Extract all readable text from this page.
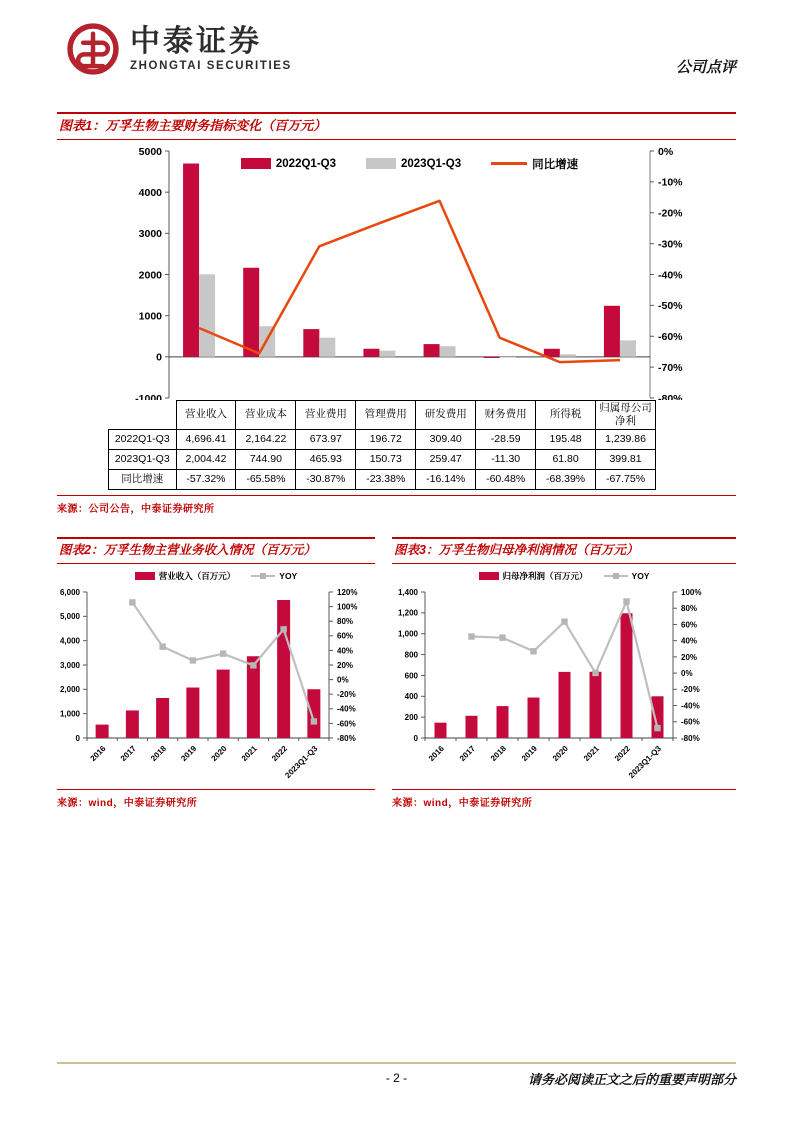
中泰证券
ZHONGTAI SECURITIES	公司点评
图表1：万孚生物主要财务指标变化（百万元）
5000
4000
3000
2000
1000
0
-1000
0%
-10%
-20%
-30%
-40%
-50%
-60%
-70%
-80%
2022Q1-Q3	2023Q1-Q3	同比增速
	营业收入	营业成本	营业费用	管理费用	研发费用	财务费用	所得税	归属母公司净利
2022Q1-Q3	4,696.41	2,164.22	673.97	196.72	309.40	-28.59	195.48	1,239.86
2023Q1-Q3	2,004.42	744.90	465.93	150.73	259.47	-11.30	61.80	399.81
同比增速	-57.32%	-65.58%	-30.87%	-23.38%	-16.14%	-60.48%	-68.39%	-67.75%
来源：公司公告，中泰证券研究所
图表2：万孚生物主营业务收入情况（百万元）
营业收入（百万元）	YOY
6,000
5,000
4,000
3,000
2,000
1,000
0
120%
100%
80%
60%
40%
20%
0%
-20%
-40%
-60%
-80%
2016 2017 2018 2019 2020 2021 2022
2023Q1-Q3
来源：wind，中泰证券研究所
图表3：万孚生物归母净利润情况（百万元）
归母净利润（百万元）	YOY
1,400
1,200
1,000
800
600
400
200
0
100%
80%
60%
40%
20%
0%
-20%
-40%
-60%
-80%
2016 2017 2018 2019 2020 2021 2022
2023Q1-Q3
来源：wind，中泰证券研究所
- 2 -	请务必阅读正文之后的重要声明部分
